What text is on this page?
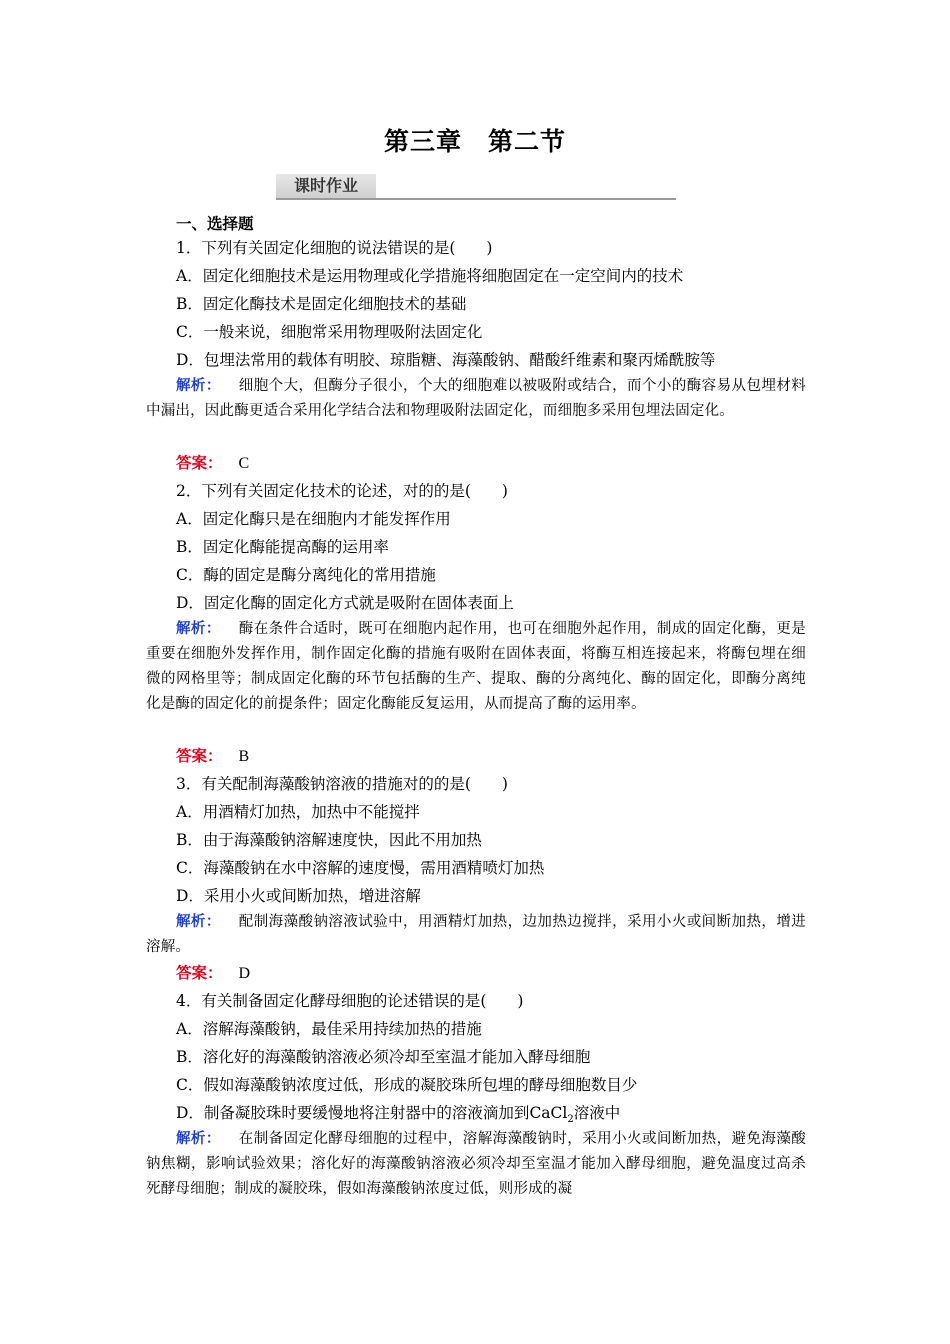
第三章 第二节
课时作业
一、选择题
1．下列有关固定化细胞的说法错误的是(　　)
A．固定化细胞技术是运用物理或化学措施将细胞固定在一定空间内的技术
B．固定化酶技术是固定化细胞技术的基础
C．一般来说，细胞常采用物理吸附法固定化
D．包埋法常用的载体有明胶、琼脂糖、海藻酸钠、醋酸纤维素和聚丙烯酰胺等
解析： 细胞个大，但酶分子很小，个大的细胞难以被吸附或结合，而个小的酶容易从包埋材料中漏出，因此酶更适合采用化学结合法和物理吸附法固定化，而细胞多采用包埋法固定化。
答案： C
2．下列有关固定化技术的论述，对的的是(　　)
A．固定化酶只是在细胞内才能发挥作用
B．固定化酶能提高酶的运用率
C．酶的固定是酶分离纯化的常用措施
D．固定化酶的固定化方式就是吸附在固体表面上
解析： 酶在条件合适时，既可在细胞内起作用，也可在细胞外起作用，制成的固定化酶，更是重要在细胞外发挥作用，制作固定化酶的措施有吸附在固体表面，将酶互相连接起来，将酶包埋在细微的网格里等；制成固定化酶的环节包括酶的生产、提取、酶的分离纯化、酶的固定化，即酶分离纯化是酶的固定化的前提条件；固定化酶能反复运用，从而提高了酶的运用率。
答案： B
3．有关配制海藻酸钠溶液的措施对的的是(　　)
A．用酒精灯加热，加热中不能搅拌
B．由于海藻酸钠溶解速度快，因此不用加热
C．海藻酸钠在水中溶解的速度慢，需用酒精喷灯加热
D．采用小火或间断加热，增进溶解
解析： 配制海藻酸钠溶液试验中，用酒精灯加热，边加热边搅拌，采用小火或间断加热，增进溶解。
答案： D
4．有关制备固定化酵母细胞的论述错误的是(　　)
A．溶解海藻酸钠，最佳采用持续加热的措施
B．溶化好的海藻酸钠溶液必须冷却至室温才能加入酵母细胞
C．假如海藻酸钠浓度过低，形成的凝胶珠所包埋的酵母细胞数目少
D．制备凝胶珠时要缓慢地将注射器中的溶液滴加到CaCl$_2$溶液中
解析： 在制备固定化酵母细胞的过程中，溶解海藻酸钠时，采用小火或间断加热，避免海藻酸钠焦糊，影响试验效果；溶化好的海藻酸钠溶液必须冷却至室温才能加入酵母细胞，避免温度过高杀死酵母细胞；制成的凝胶珠，假如海藻酸钠浓度过低，则形成的凝
